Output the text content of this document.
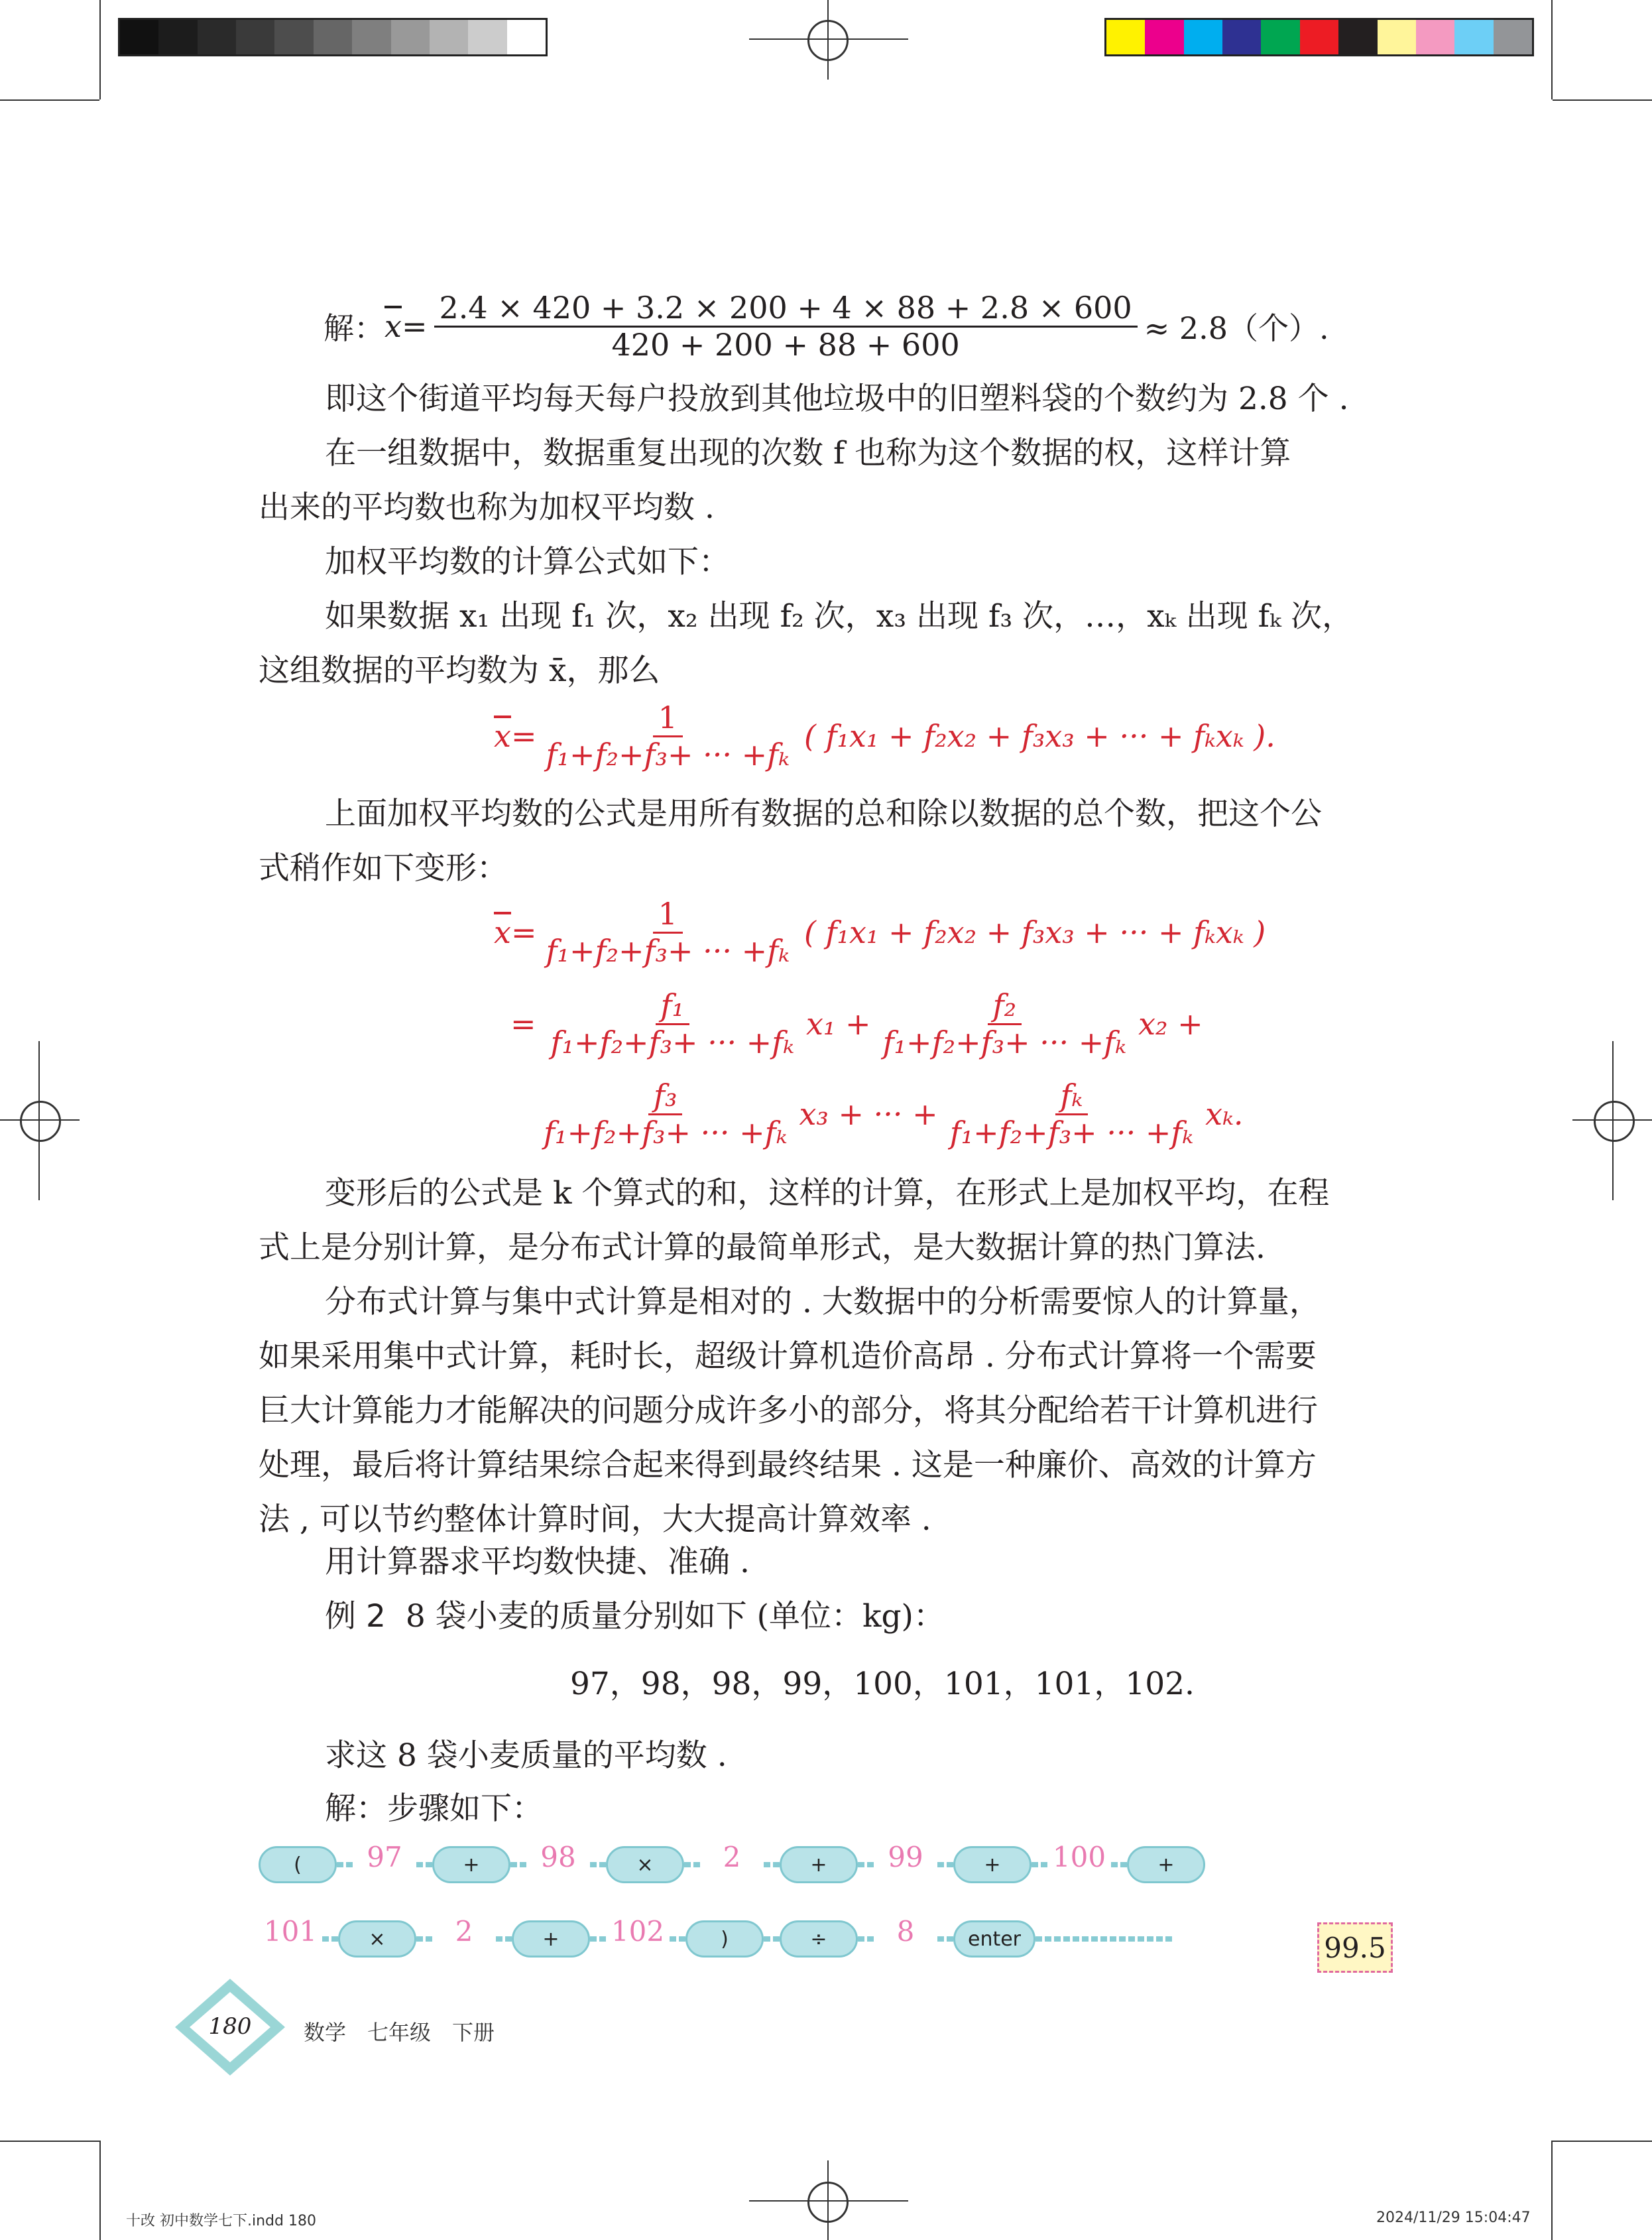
解： $\overline{x} = \frac{2.4 \times 420 + 3.2 \times 200 + 4 \times 88 + 2.8 \times 600}{420 + 200 + 88 + 600} \approx 2.8$（个）.
即这个街道平均每天每户投放到其他垃圾中的旧塑料袋的个数约为 2.8 个 .
在一组数据中，数据重复出现的次数 f 也称为这个数据的权，这样计算
出来的平均数也称为加权平均数 .
加权平均数的计算公式如下：
如果数据 x₁ 出现 f₁ 次，x₂ 出现 f₂ 次，x₃ 出现 f₃ 次，…，xₖ 出现 fₖ 次，
这组数据的平均数为 x̄，那么
$\overline{x} = \frac{1}{\text{f₁+f₂+f₃+ ··· +fₖ}}$ ( f₁x₁ + f₂x₂ + f₃x₃ + ··· + fₖxₖ ).
上面加权平均数的公式是用所有数据的总和除以数据的总个数，把这个公
式稍作如下变形：
$\overline{x} = \frac{1}{\text{f₁+f₂+f₃+ ··· +fₖ}}$ ( f₁x₁ + f₂x₂ + f₃x₃ + ··· + fₖxₖ )
= $\frac{\text{f₁}}{\text{f₁+f₂+f₃+ ··· +fₖ}} x_1 + \frac{\text{f₂}}{\text{f₁+f₂+f₃+ ··· +fₖ}} x_2$ +
$\frac{\text{f₃}}{\text{f₁+f₂+f₃+ ··· +fₖ}} x_3$ + ··· + $\frac{\text{fₖ}}{\text{f₁+f₂+f₃+ ··· +fₖ}} x_k$.
变形后的公式是 k 个算式的和，这样的计算，在形式上是加权平均，在程
式上是分别计算，是分布式计算的最简单形式，是大数据计算的热门算法.
分布式计算与集中式计算是相对的 . 大数据中的分析需要惊人的计算量，
如果采用集中式计算，耗时长，超级计算机造价高昂 . 分布式计算将一个需要
巨大计算能力才能解决的问题分成许多小的部分，将其分配给若干计算机进行
处理，最后将计算结果综合起来得到最终结果 . 这是一种廉价、高效的计算方
法 , 可以节约整体计算时间，大大提高计算效率 .
用计算器求平均数快捷、准确 .
例 2 8 袋小麦的质量分别如下 (单位：kg)：
97，98，98，99，100，101，101，102.
求这 8 袋小麦质量的平均数 .
解：步骤如下：
(	97	+	98	×	2	+	99	+	100	+
101	×	2	+	102	)	÷	8	enter	99.5
180	数学　七年级　下册
十改 初中数学七下.indd 180	2024/11/29 15:04:47
